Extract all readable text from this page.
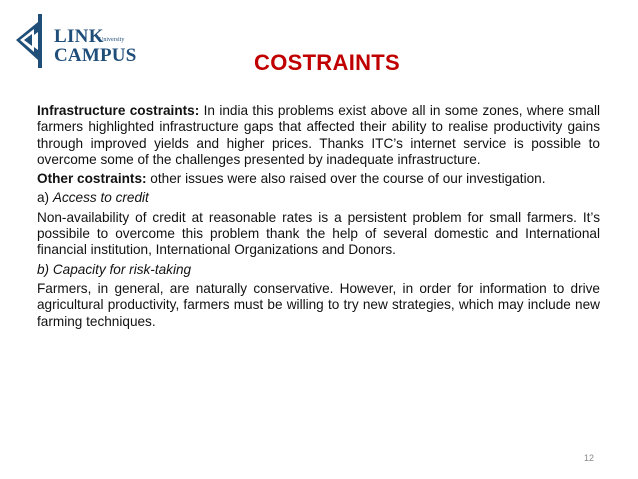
LINK
University
CAMPUS	COSTRAINTS

Infrastructure costraints: In india this problems exist above all in some zones, where small farmers highlighted infrastructure gaps that affected their ability to realise productivity gains through improved yields and higher prices. Thanks ITC’s internet service is possible to overcome some of the challenges presented by inadequate infrastructure.

Other costraints: other issues were also raised over the course of our investigation.

a) Access to credit

Non-availability of credit at reasonable rates is a persistent problem for small farmers. It’s possibile to overcome this problem thank the help of several domestic and International financial institution, International Organizations and Donors.

b) Capacity for risk-taking

Farmers, in general, are naturally conservative. However, in order for information to drive agricultural productivity, farmers must be willing to try new strategies, which may include new farming techniques.

12
